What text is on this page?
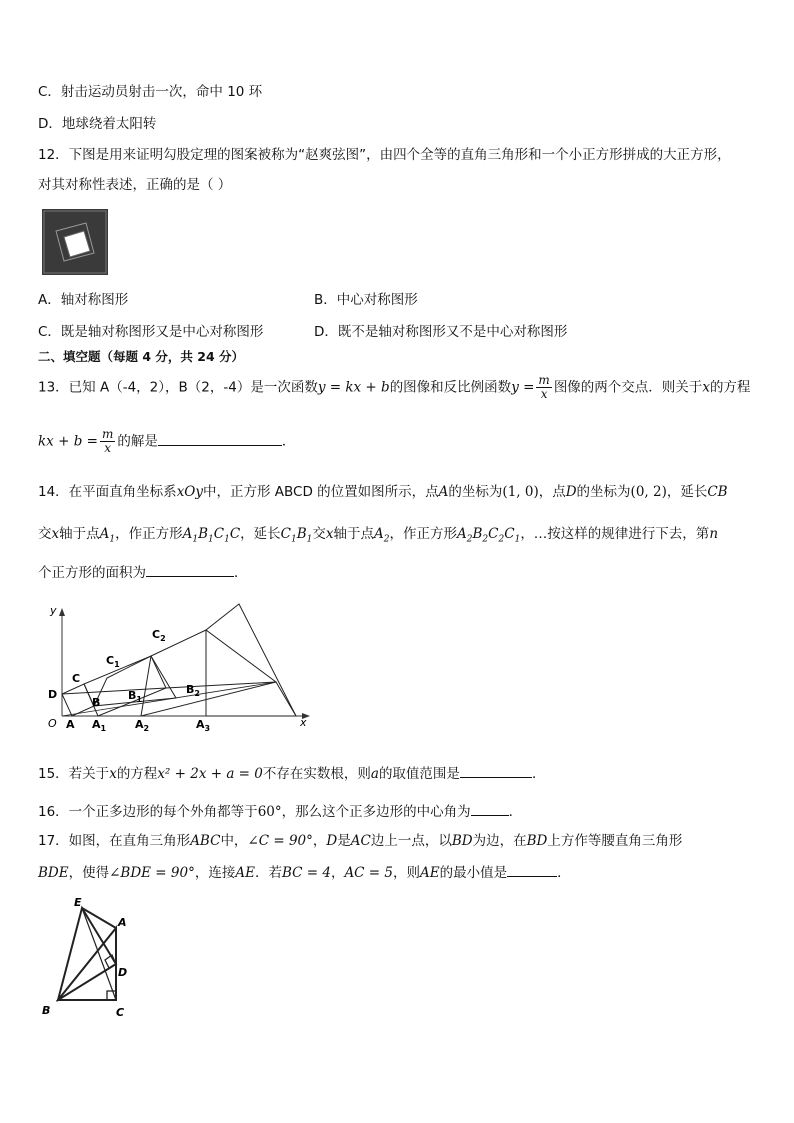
C．射击运动员射击一次，命中 10 环
D．地球绕着太阳转
12．下图是用来证明勾股定理的图案被称为“赵爽弦图”，由四个全等的直角三角形和一个小正方形拼成的大正方形，
对其对称性表述，正确的是（ ）
A．轴对称图形	B．中心对称图形
C．既是轴对称图形又是中心对称图形	D．既不是轴对称图形又不是中心对称图形
二、填空题（每题 4 分，共 24 分）
13．已知 A（-4，2），B（2，-4）是一次函数y = kx + b的图像和反比例函数$y = \frac{m}{x}$ 图像的两个交点．则关于x的方程
kx + $b = \frac{m}{x}$ 的解是	．
14．在平面直角坐标系xOy中，正方形 ABCD 的位置如图所示，点A的坐标为(1, 0)，点D的坐标为(0, 2)，延长CB
交x轴于点$A_1$，作正方形$A_1B_1C_1C$，延长$C_1B_1$交x轴于点$A_2$，作正方形$A_2B_2C_2C_1$，…按这样的规律进行下去，第n
个正方形的面积为	．
y
x
O
D
C
B
A $A_1$	$A_2$	$A_3$
$B_1$
$B_2$
$C_1$
$C_2$
15．若关于x的方程x² + 2x + a = 0不存在实数根，则a的取值范围是	．
16．一个正多边形的每个外角都等于60°，那么这个正多边形的中心角为	．
17．如图，在直角三角形ABC中，∠C = 90°，D是AC边上一点，以BD为边，在BD上方作等腰直角三角形
BDE，使得∠BDE = 90°，连接AE．若BC = 4，AC = 5，则AE的最小值是	．
E
A
D
B	C
